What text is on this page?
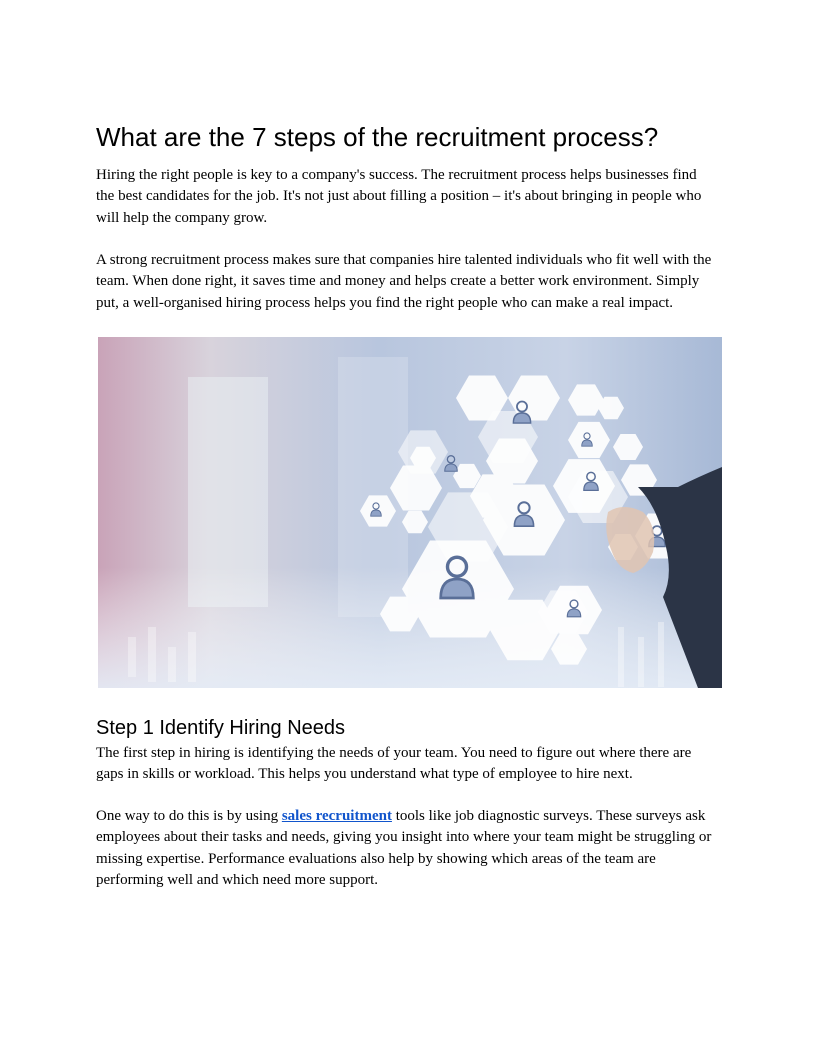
What are the 7 steps of the recruitment process?

Hiring the right people is key to a company's success. The recruitment process helps businesses find the best candidates for the job. It's not just about filling a position – it's about bringing in people who will help the company grow.

A strong recruitment process makes sure that companies hire talented individuals who fit well with the team. When done right, it saves time and money and helps create a better work environment. Simply put, a well-organised hiring process helps you find the right people who can make a real impact.

Step 1 Identify Hiring Needs

The first step in hiring is identifying the needs of your team. You need to figure out where there are gaps in skills or workload. This helps you understand what type of employee to hire next.

One way to do this is by using sales recruitment tools like job diagnostic surveys. These surveys ask employees about their tasks and needs, giving you insight into where your team might be struggling or missing expertise. Performance evaluations also help by showing which areas of the team are performing well and which need more support.
